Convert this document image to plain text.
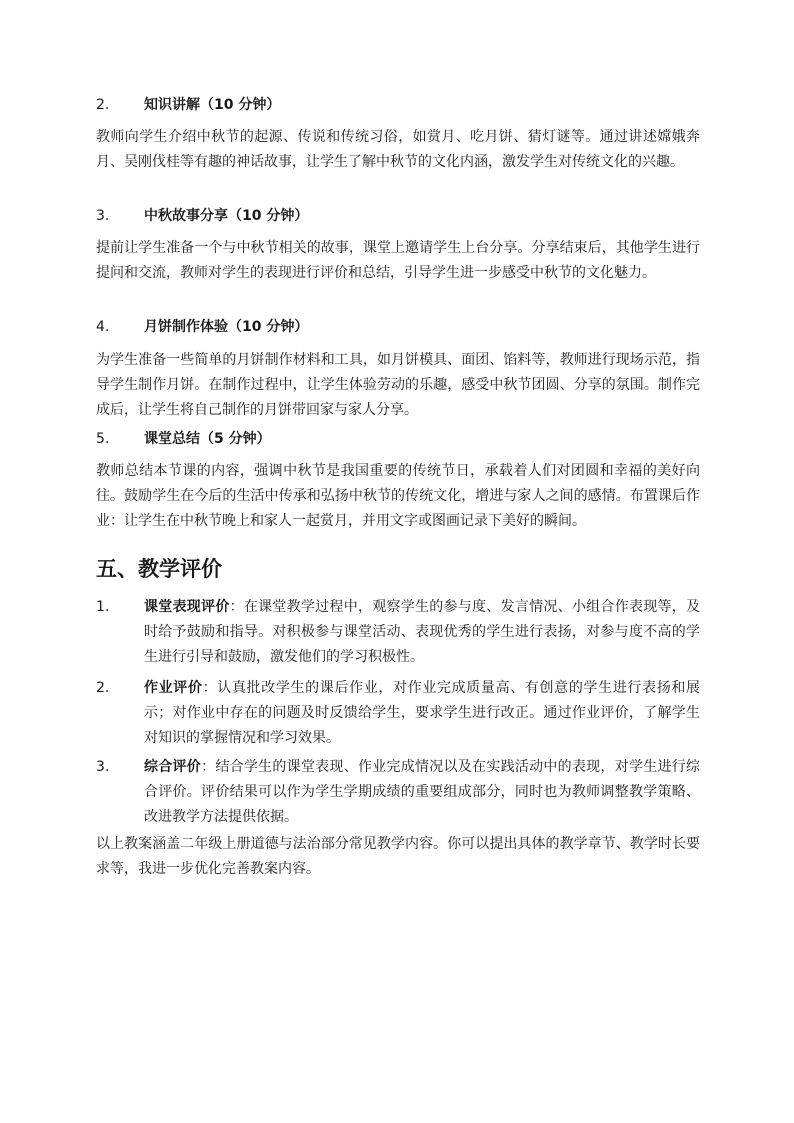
2. 知识讲解（10 分钟）
教师向学生介绍中秋节的起源、传说和传统习俗，如赏月、吃月饼、猜灯谜等。通过讲述嫦娥奔月、吴刚伐桂等有趣的神话故事，让学生了解中秋节的文化内涵，激发学生对传统文化的兴趣。
3. 中秋故事分享（10 分钟）
提前让学生准备一个与中秋节相关的故事，课堂上邀请学生上台分享。分享结束后，其他学生进行提问和交流，教师对学生的表现进行评价和总结，引导学生进一步感受中秋节的文化魅力。
4. 月饼制作体验（10 分钟）
为学生准备一些简单的月饼制作材料和工具，如月饼模具、面团、馅料等，教师进行现场示范，指导学生制作月饼。在制作过程中，让学生体验劳动的乐趣，感受中秋节团圆、分享的氛围。制作完成后，让学生将自己制作的月饼带回家与家人分享。
5. 课堂总结（5 分钟）
教师总结本节课的内容，强调中秋节是我国重要的传统节日，承载着人们对团圆和幸福的美好向往。鼓励学生在今后的生活中传承和弘扬中秋节的传统文化，增进与家人之间的感情。布置课后作业：让学生在中秋节晚上和家人一起赏月，并用文字或图画记录下美好的瞬间。
五、教学评价
1.	课堂表现评价：在课堂教学过程中，观察学生的参与度、发言情况、小组合作表现等，及时给予鼓励和指导。对积极参与课堂活动、表现优秀的学生进行表扬，对参与度不高的学生进行引导和鼓励，激发他们的学习积极性。
2.	作业评价：认真批改学生的课后作业，对作业完成质量高、有创意的学生进行表扬和展示；对作业中存在的问题及时反馈给学生，要求学生进行改正。通过作业评价，了解学生对知识的掌握情况和学习效果。
3.	综合评价：结合学生的课堂表现、作业完成情况以及在实践活动中的表现，对学生进行综合评价。评价结果可以作为学生学期成绩的重要组成部分，同时也为教师调整教学策略、改进教学方法提供依据。
以上教案涵盖二年级上册道德与法治部分常见教学内容。你可以提出具体的教学章节、教学时长要求等，我进一步优化完善教案内容。
